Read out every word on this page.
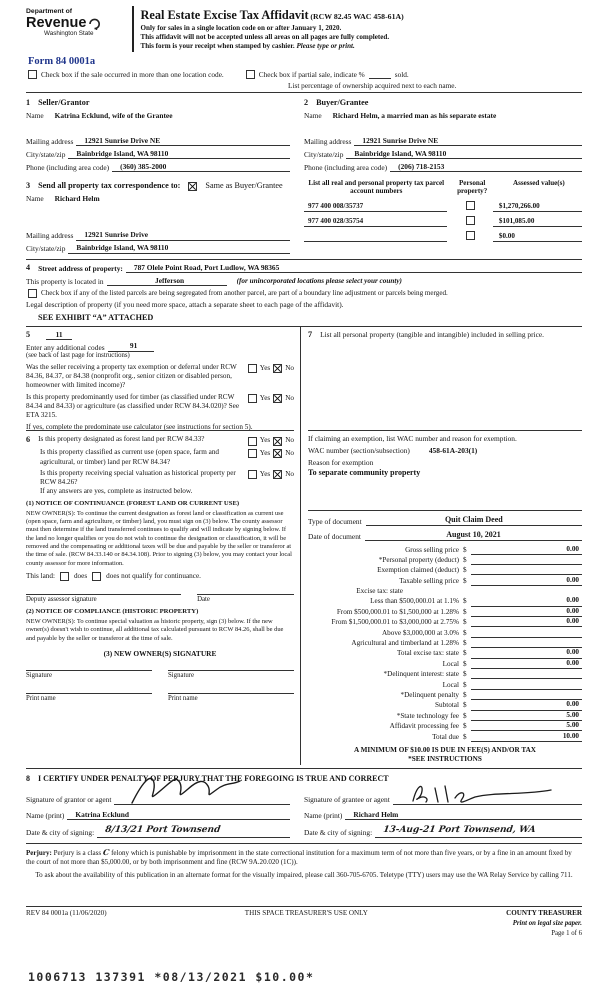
Department of
Revenue
Washington State
Real Estate Excise Tax Affidavit (RCW 82.45 WAC 458-61A)
Only for sales in a single location code on or after January 1, 2020.
This affidavit will not be accepted unless all areas on all pages are fully completed.
This form is your receipt when stamped by cashier. Please type or print.
Form 84 0001a
Check box if the sale occurred in more than one location code.	Check box if partial sale, indicate %	sold.
List percentage of ownership acquired next to each name.
1 Seller/Grantor
Name	Katrina Ecklund, wife of the Grantee
Mailing address	12921 Sunrise Drive NE
City/state/zip	Bainbridge Island, WA 98110
Phone (including area code)	(360) 385-2000
2 Buyer/Grantee
Name	Richard Helm, a married man as his separate estate
Mailing address	12921 Sunrise Drive NE
City/state/zip	Bainbridge Island, WA 98110
Phone (including area code)	(206) 718-2153
3 Send all property tax correspondence to:	Same as Buyer/Grantee
Name	Richard Helm
Mailing address	12921 Sunrise Drive
City/state/zip	Bainbridge Island, WA 98110
List all real and personal property tax parcel account numbers
Personal property?
Assessed value(s)
977 400 008/35737	$1,270,266.00
977 400 028/35754	$101,085.00
$0.00
4	Street address of property:	787 Olele Point Road, Port Ludlow, WA 98365
This property is located in	Jefferson	(for unincorporated locations please select your county)
Check box if any of the listed parcels are being segregated from another parcel, are part of a boundary line adjustment or parcels being merged.
Legal description of property (if you need more space, attach a separate sheet to each page of the affidavit).
SEE EXHIBIT “A” ATTACHED
5	11
Enter any additional codes	91
(see back of last page for instructions)
Was the seller receiving a property tax exemption or deferral under RCW 84.36, 84.37, or 84.38 (nonprofit org., senior citizen or disabled person, homeowner with limited income)?
Yes No
Is this property predominantly used for timber (as classified under RCW 84.34 and 84.33) or agriculture (as classified under RCW 84.34.020)? See ETA 3215.
Yes No
If yes, complete the predominate use calculator (see instructions for section 5).
6	Is this property designated as forest land per RCW 84.33?	Yes No
Is this property classified as current use (open space, farm and agricultural, or timber) land per RCW 84.34?
Yes No
Is this property receiving special valuation as historical property per RCW 84.26?
Yes No
If any answers are yes, complete as instructed below.
(1) NOTICE OF CONTINUANCE (FOREST LAND OR CURRENT USE)
NEW OWNER(S): To continue the current designation as forest land or classification as current use (open space, farm and agriculture, or timber) land, you must sign on (3) below. The county assessor must then determine if the land transferred continues to qualify and will indicate by signing below. If the land no longer qualifies or you do not wish to continue the designation or classification, it will be removed and the compensating or additional taxes will be due and payable by the seller or transferor at the time of sale. (RCW 84.33.140 or 84.34.108). Prior to signing (3) below, you may contact your local county assessor for more information.
This land:	does	does not qualify for continuance.
Deputy assessor signature	Date
(2) NOTICE OF COMPLIANCE (HISTORIC PROPERTY)
NEW OWNER(S): To continue special valuation as historic property, sign (3) below. If the new owner(s) doesn't wish to continue, all additional tax calculated pursuant to RCW 84.26, shall be due and payable by the seller or transferor at the time of sale.
(3) NEW OWNER(S) SIGNATURE
Signature	Signature
Print name	Print name
7	List all personal property (tangible and intangible) included in selling price.
If claiming an exemption, list WAC number and reason for exemption.
WAC number (section/subsection)	458-61A-203(1)
Reason for exemption
To separate community property
Type of document	Quit Claim Deed
Date of document	August 10, 2021
Gross selling price $	0.00
*Personal property (deduct) $
Exemption claimed (deduct) $
Taxable selling price $	0.00
Excise tax: state
Less than $500,000.01 at 1.1% $	0.00
From $500,000.01 to $1,500,000 at 1.28% $	0.00
From $1,500,000.01 to $3,000,000 at 2.75% $	0.00
Above $3,000,000 at 3.0% $
Agricultural and timberland at 1.28% $
Total excise tax: state $	0.00
Local $	0.00
*Delinquent interest: state $
Local $
*Delinquent penalty $
Subtotal $	0.00
*State technology fee $	5.00
Affidavit processing fee $	5.00
Total due $	10.00
A MINIMUM OF $10.00 IS DUE IN FEE(S) AND/OR TAX
*SEE INSTRUCTIONS
8 I CERTIFY UNDER PENALTY OF PERJURY THAT THE FOREGOING IS TRUE AND CORRECT
Signature of grantor or agent
Name (print)	Katrina Ecklund
Date & city of signing:	8/13/21 Port Townsend
Signature of grantee or agent
Name (print)	Richard Helm
Date & city of signing:	13-Aug-21 Port Townsend, WA
Perjury: Perjury is a class C felony which is punishable by imprisonment in the state correctional institution for a maximum term of not more than five years, or by a fine in an amount fixed by the court of not more than $5,000.00, or by both imprisonment and fine (RCW 9A.20.020 (1C)).
To ask about the availability of this publication in an alternate format for the visually impaired, please call 360-705-6705. Teletype (TTY) users may use the WA Relay Service by calling 711.
REV 84 0001a (11/06/2020)	THIS SPACE TREASURER'S USE ONLY	COUNTY TREASURER
Print on legal size paper.
Page 1 of 6
1006713 137391 *08/13/2021 $10.00*
